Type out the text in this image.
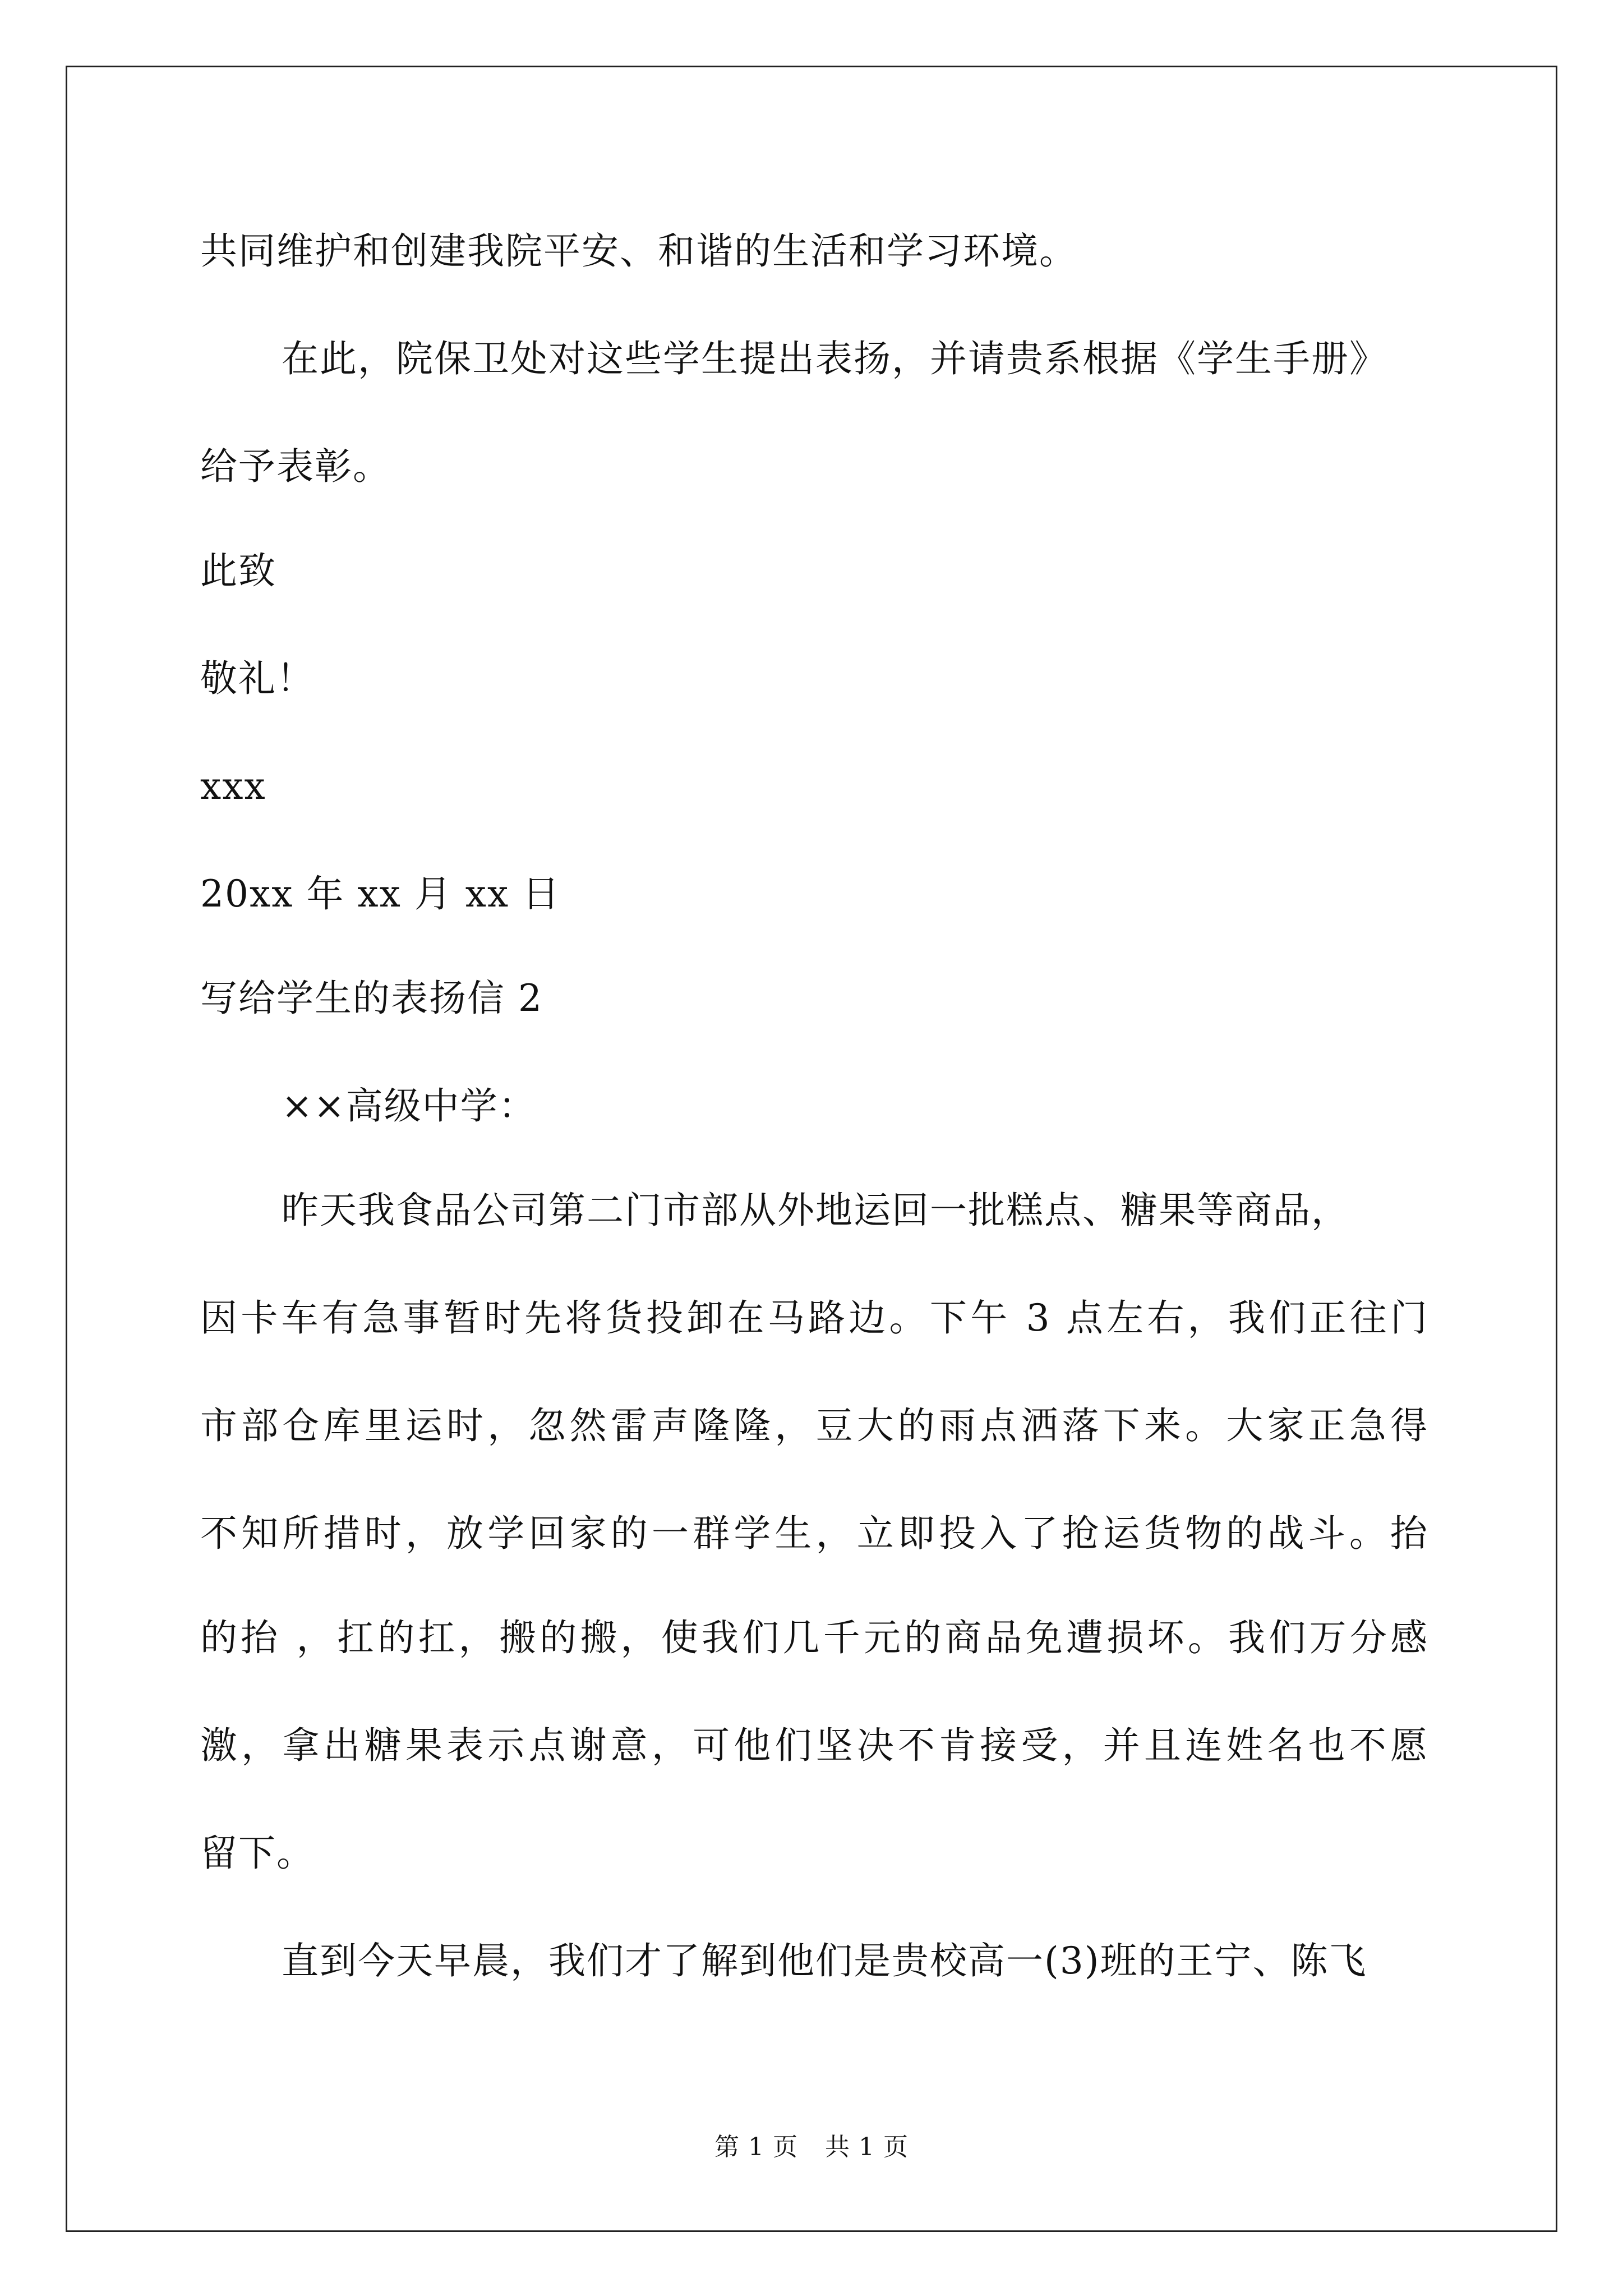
共同维护和创建我院平安、和谐的生活和学习环境。
在此，院保卫处对这些学生提出表扬，并请贵系根据《学生手册》
给予表彰。
此致
敬礼！
xxx
20xx 年 xx 月 xx 日
写给学生的表扬信 2
××高级中学：
昨天我食品公司第二门市部从外地运回一批糕点、糖果等商品，
因卡车有急事暂时先将货投卸在马路边。下午 3 点左右，我们正往门
市部仓库里运时，忽然雷声隆隆，豆大的雨点洒落下来。大家正急得
不知所措时，放学回家的一群学生，立即投入了抢运货物的战斗。抬
的抬 ，扛的扛，搬的搬，使我们几千元的商品免遭损坏。我们万分感
激，拿出糖果表示点谢意，可他们坚决不肯接受，并且连姓名也不愿
留下。
直到今天早晨，我们才了解到他们是贵校高一(3)班的王宁、陈飞
第 1 页 共 1 页
